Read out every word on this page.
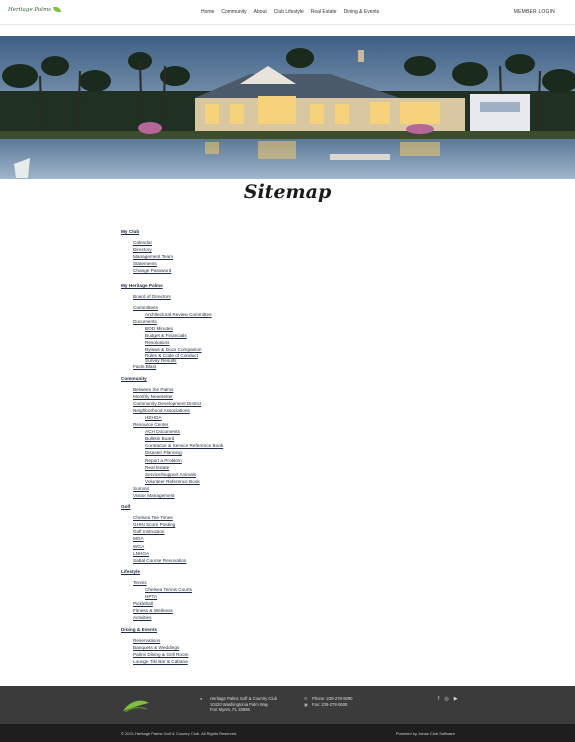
Heritage Palms	Home Community About Club Lifestyle Real Estate Dining & Events	MEMBER LOGIN
Sitemap
My Club
◦ Calendar
◦ Directory
◦ Management Team
◦ Statements
◦ Change Password
My Heritage Palms
◦ Board of Directors
◦ Committees
◦ Architectural Review Committee
◦ Documents
◦ BOD Minutes
◦ Budget & Financials
◦ Resolutions
◦ Bylaws & Docs Companion
◦ Rules & Code of Conduct
Survey Results
◦ Facts Blast
Community
◦ Between the Palms
◦ Monthly Newsletter
◦ Community Development District
◦ Neighborhood Associations
◦ HEHOA
◦ Resource Center
◦ ACH Documents
◦ Bulletin Board
◦ Contractor & Service Reference Book
◦ Disaster Planning
◦ Report a Problem
◦ Real Estate
◦ Service/Support Animals
◦ Volunteer Reference Book
◦ Summit
◦ Visitor Management
Golf
◦ Chelsea Tee Times
◦ GHIN Score Posting
◦ Golf Instruction
◦ MGA
◦ WGA
◦ LNHGA
◦ Sabal Course Renovation
Lifestyle
◦ Tennis
◦ Chelsea Tennis Courts
◦ HPTA
◦ Pickleball
◦ Fitness & Wellness
◦ Activities
Dining & Events
◦ Reservations
◦ Banquets & Weddings
◦ Palms Dining & Grill Room
◦ Lounge Tiki Bar & Cabana
● Heritage Palms Golf & Country Club
10420 Washingtonia Palm Way
Fort Myers, FL 33966
✆ Phone: 239-278-9090
▣ Fax: 239-278-0608
f ◎ ▶
© 2021 Heritage Palms Golf & Country Club. All Rights Reserved.	Powered by Jonas Club Software
